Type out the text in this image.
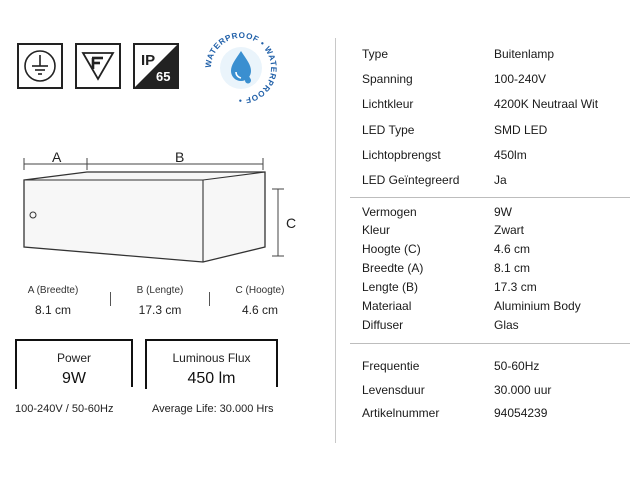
IP
65
WATERPROOF • WATERPROOF •
A	B
C
A (Breedte)
8.1 cm
B (Lengte)
17.3 cm
C (Hoogte)
4.6 cm
Power
9W
Luminous Flux
450 lm
100-240V / 50-60Hz	Average Life: 30.000 Hrs
Type	Buitenlamp
Spanning	100-240V
Lichtkleur	4200K Neutraal Wit
LED Type	SMD LED
Lichtopbrengst	450lm
LED Geïntegreerd	Ja
Vermogen	9W
Kleur	Zwart
Hoogte (C)	4.6 cm
Breedte (A)	8.1 cm
Lengte (B)	17.3 cm
Materiaal	Aluminium Body
Diffuser	Glas
Frequentie	50-60Hz
Levensduur	30.000 uur
Artikelnummer	94054239
